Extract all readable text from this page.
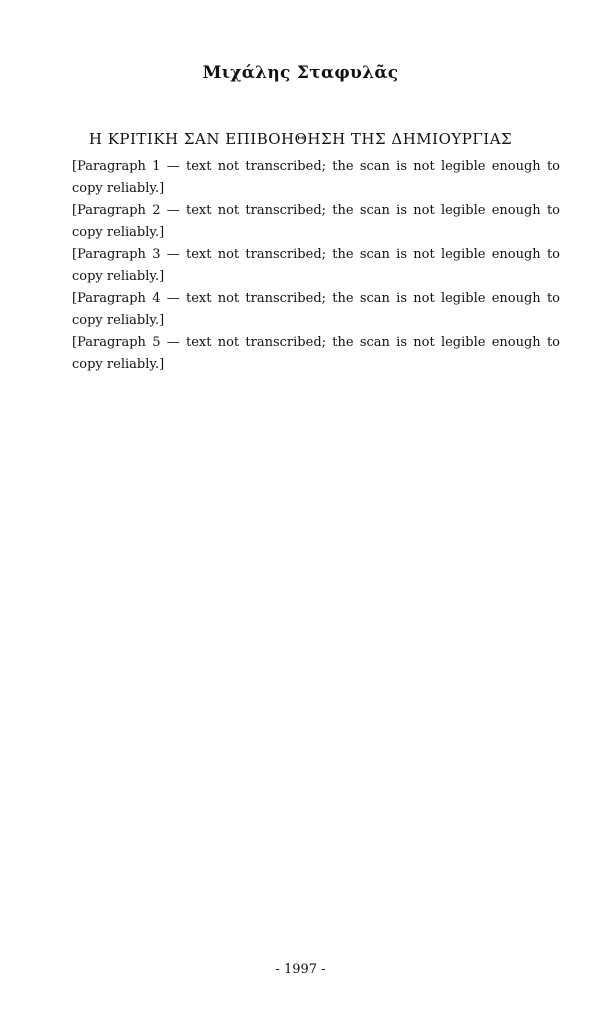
Μιχάλης Σταφυλᾶς
Η ΚΡΙΤΙΚΗ ΣΑΝ ΕΠΙΒΟΗΘΗΣΗ ΤΗΣ ΔΗΜΙΟΥΡΓΙΑΣ

[Paragraph 1 — text not transcribed; the scan is not legible enough to copy reliably.]

[Paragraph 2 — text not transcribed; the scan is not legible enough to copy reliably.]

[Paragraph 3 — text not transcribed; the scan is not legible enough to copy reliably.]

[Paragraph 4 — text not transcribed; the scan is not legible enough to copy reliably.]

[Paragraph 5 — text not transcribed; the scan is not legible enough to copy reliably.]

- 1997 -
